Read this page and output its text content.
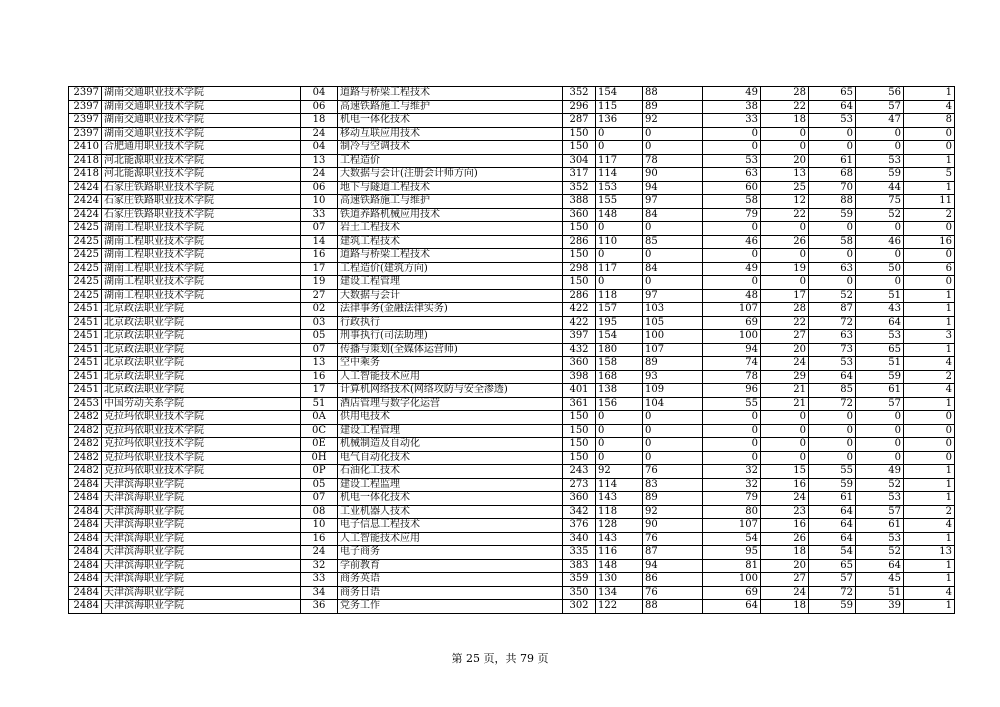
2397	湖南交通职业技术学院	04	道路与桥梁工程技术	352	154	88	49	28	65	56	1
2397	湖南交通职业技术学院	06	高速铁路施工与维护	296	115	89	38	22	64	57	4
2397	湖南交通职业技术学院	18	机电一体化技术	287	136	92	33	18	53	47	8
2397	湖南交通职业技术学院	24	移动互联应用技术	150	0	0	0	0	0	0	0
2410	合肥通用职业技术学院	04	制冷与空调技术	150	0	0	0	0	0	0	0
2418	河北能源职业技术学院	13	工程造价	304	117	78	53	20	61	53	1
2418	河北能源职业技术学院	24	大数据与会计(注册会计师方向)	317	114	90	63	13	68	59	5
2424	石家庄铁路职业技术学院	06	地下与隧道工程技术	352	153	94	60	25	70	44	1
2424	石家庄铁路职业技术学院	10	高速铁路施工与维护	388	155	97	58	12	88	75	11
2424	石家庄铁路职业技术学院	33	铁道养路机械应用技术	360	148	84	79	22	59	52	2
2425	湖南工程职业技术学院	07	岩土工程技术	150	0	0	0	0	0	0	0
2425	湖南工程职业技术学院	14	建筑工程技术	286	110	85	46	26	58	46	16
2425	湖南工程职业技术学院	16	道路与桥梁工程技术	150	0	0	0	0	0	0	0
2425	湖南工程职业技术学院	17	工程造价(建筑方向)	298	117	84	49	19	63	50	6
2425	湖南工程职业技术学院	19	建设工程管理	150	0	0	0	0	0	0	0
2425	湖南工程职业技术学院	27	大数据与会计	286	118	97	48	17	52	51	1
2451	北京政法职业学院	02	法律事务(金融法律实务)	422	157	103	107	28	87	43	1
2451	北京政法职业学院	03	行政执行	422	195	105	69	22	72	64	1
2451	北京政法职业学院	05	刑事执行(司法助理)	397	154	100	100	27	63	53	3
2451	北京政法职业学院	07	传播与策划(全媒体运营师)	432	180	107	94	20	73	65	1
2451	北京政法职业学院	13	空中乘务	360	158	89	74	24	53	51	4
2451	北京政法职业学院	16	人工智能技术应用	398	168	93	78	29	64	59	2
2451	北京政法职业学院	17	计算机网络技术(网络攻防与安全渗透)	401	138	109	96	21	85	61	4
2453	中国劳动关系学院	51	酒店管理与数字化运营	361	156	104	55	21	72	57	1
2482	克拉玛依职业技术学院	0A	供用电技术	150	0	0	0	0	0	0	0
2482	克拉玛依职业技术学院	0C	建设工程管理	150	0	0	0	0	0	0	0
2482	克拉玛依职业技术学院	0E	机械制造及自动化	150	0	0	0	0	0	0	0
2482	克拉玛依职业技术学院	0H	电气自动化技术	150	0	0	0	0	0	0	0
2482	克拉玛依职业技术学院	0P	石油化工技术	243	92	76	32	15	55	49	1
2484	天津滨海职业学院	05	建设工程监理	273	114	83	32	16	59	52	1
2484	天津滨海职业学院	07	机电一体化技术	360	143	89	79	24	61	53	1
2484	天津滨海职业学院	08	工业机器人技术	342	118	92	80	23	64	57	2
2484	天津滨海职业学院	10	电子信息工程技术	376	128	90	107	16	64	61	4
2484	天津滨海职业学院	16	人工智能技术应用	340	143	76	54	26	64	53	1
2484	天津滨海职业学院	24	电子商务	335	116	87	95	18	54	52	13
2484	天津滨海职业学院	32	学前教育	383	148	94	81	20	65	64	1
2484	天津滨海职业学院	33	商务英语	359	130	86	100	27	57	45	1
2484	天津滨海职业学院	34	商务日语	350	134	76	69	24	72	51	4
2484	天津滨海职业学院	36	党务工作	302	122	88	64	18	59	39	1
第 25 页，共 79 页
